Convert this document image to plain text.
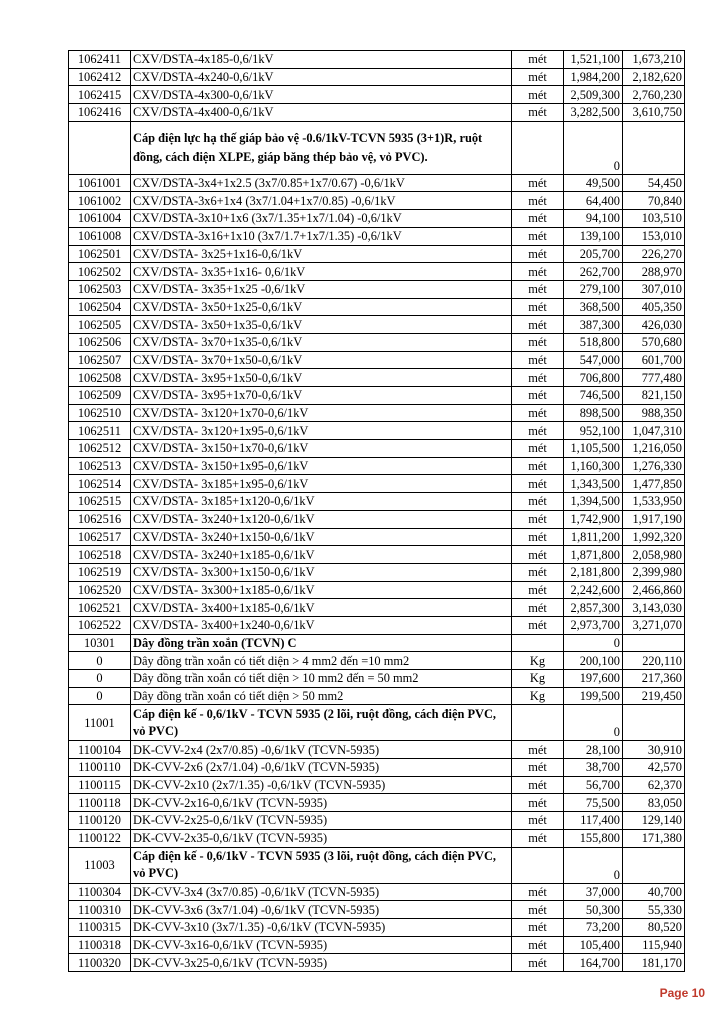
1062411	CXV/DSTA-4x185-0,6/1kV	mét	1,521,100	1,673,210
1062412	CXV/DSTA-4x240-0,6/1kV	mét	1,984,200	2,182,620
1062415	CXV/DSTA-4x300-0,6/1kV	mét	2,509,300	2,760,230
1062416	CXV/DSTA-4x400-0,6/1kV	mét	3,282,500	3,610,750
	Cáp điện lực hạ thế giáp bảo vệ -0.6/1kV-TCVN 5935 (3+1)R, ruột đồng, cách điện XLPE, giáp băng thép bảo vệ, vỏ PVC).		0	
1061001	CXV/DSTA-3x4+1x2.5 (3x7/0.85+1x7/0.67) -0,6/1kV	mét	49,500	54,450
1061002	CXV/DSTA-3x6+1x4 (3x7/1.04+1x7/0.85) -0,6/1kV	mét	64,400	70,840
1061004	CXV/DSTA-3x10+1x6 (3x7/1.35+1x7/1.04) -0,6/1kV	mét	94,100	103,510
1061008	CXV/DSTA-3x16+1x10 (3x7/1.7+1x7/1.35) -0,6/1kV	mét	139,100	153,010
1062501	CXV/DSTA- 3x25+1x16-0,6/1kV	mét	205,700	226,270
1062502	CXV/DSTA- 3x35+1x16- 0,6/1kV	mét	262,700	288,970
1062503	CXV/DSTA- 3x35+1x25 -0,6/1kV	mét	279,100	307,010
1062504	CXV/DSTA- 3x50+1x25-0,6/1kV	mét	368,500	405,350
1062505	CXV/DSTA- 3x50+1x35-0,6/1kV	mét	387,300	426,030
1062506	CXV/DSTA- 3x70+1x35-0,6/1kV	mét	518,800	570,680
1062507	CXV/DSTA- 3x70+1x50-0,6/1kV	mét	547,000	601,700
1062508	CXV/DSTA- 3x95+1x50-0,6/1kV	mét	706,800	777,480
1062509	CXV/DSTA- 3x95+1x70-0,6/1kV	mét	746,500	821,150
1062510	CXV/DSTA- 3x120+1x70-0,6/1kV	mét	898,500	988,350
1062511	CXV/DSTA- 3x120+1x95-0,6/1kV	mét	952,100	1,047,310
1062512	CXV/DSTA- 3x150+1x70-0,6/1kV	mét	1,105,500	1,216,050
1062513	CXV/DSTA- 3x150+1x95-0,6/1kV	mét	1,160,300	1,276,330
1062514	CXV/DSTA- 3x185+1x95-0,6/1kV	mét	1,343,500	1,477,850
1062515	CXV/DSTA- 3x185+1x120-0,6/1kV	mét	1,394,500	1,533,950
1062516	CXV/DSTA- 3x240+1x120-0,6/1kV	mét	1,742,900	1,917,190
1062517	CXV/DSTA- 3x240+1x150-0,6/1kV	mét	1,811,200	1,992,320
1062518	CXV/DSTA- 3x240+1x185-0,6/1kV	mét	1,871,800	2,058,980
1062519	CXV/DSTA- 3x300+1x150-0,6/1kV	mét	2,181,800	2,399,980
1062520	CXV/DSTA- 3x300+1x185-0,6/1kV	mét	2,242,600	2,466,860
1062521	CXV/DSTA- 3x400+1x185-0,6/1kV	mét	2,857,300	3,143,030
1062522	CXV/DSTA- 3x400+1x240-0,6/1kV	mét	2,973,700	3,271,070
10301	Dây đồng trần xoắn (TCVN) C		0	
0	Dây đồng trần xoắn có tiết diện > 4 mm2 đến =10 mm2	Kg	200,100	220,110
0	Dây đồng trần xoắn có tiết diện > 10 mm2 đến = 50 mm2	Kg	197,600	217,360
0	Dây đồng trần xoắn có tiết diện > 50 mm2	Kg	199,500	219,450
11001	Cáp điện kế - 0,6/1kV - TCVN 5935 (2 lõi, ruột đồng, cách điện PVC, vỏ PVC)		0	
1100104	DK-CVV-2x4 (2x7/0.85) -0,6/1kV (TCVN-5935)	mét	28,100	30,910
1100110	DK-CVV-2x6 (2x7/1.04) -0,6/1kV (TCVN-5935)	mét	38,700	42,570
1100115	DK-CVV-2x10 (2x7/1.35) -0,6/1kV (TCVN-5935)	mét	56,700	62,370
1100118	DK-CVV-2x16-0,6/1kV (TCVN-5935)	mét	75,500	83,050
1100120	DK-CVV-2x25-0,6/1kV (TCVN-5935)	mét	117,400	129,140
1100122	DK-CVV-2x35-0,6/1kV (TCVN-5935)	mét	155,800	171,380
11003	Cáp điện kế - 0,6/1kV - TCVN 5935 (3 lõi, ruột đồng, cách điện PVC, vỏ PVC)		0	
1100304	DK-CVV-3x4 (3x7/0.85) -0,6/1kV (TCVN-5935)	mét	37,000	40,700
1100310	DK-CVV-3x6 (3x7/1.04) -0,6/1kV (TCVN-5935)	mét	50,300	55,330
1100315	DK-CVV-3x10 (3x7/1.35) -0,6/1kV (TCVN-5935)	mét	73,200	80,520
1100318	DK-CVV-3x16-0,6/1kV (TCVN-5935)	mét	105,400	115,940
1100320	DK-CVV-3x25-0,6/1kV (TCVN-5935)	mét	164,700	181,170
Page 10
